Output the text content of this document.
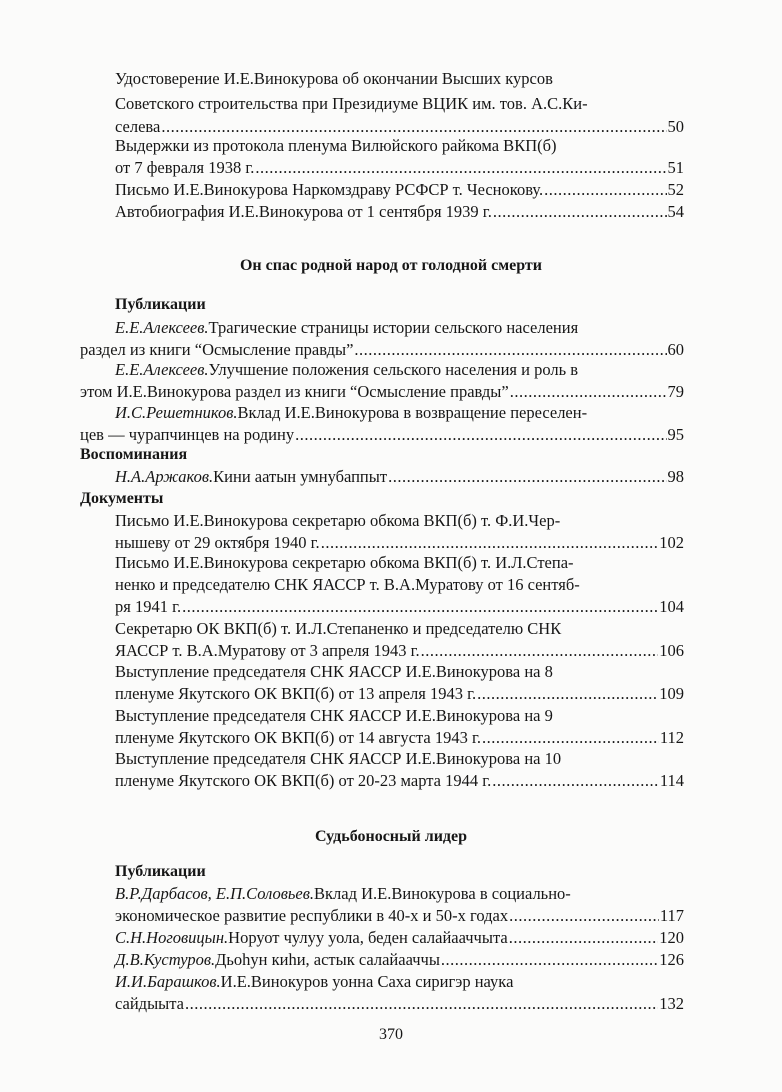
Удостоверение И.Е.Винокурова об окончании Высших курсов
Советского строительства при Президиуме ВЦИК им. тов. А.С.Ки-
селева .....	50
Выдержки из протокола пленума Вилюйского райкома ВКП(б)
от 7 февраля 1938 г. .....	51
Письмо И.Е.Винокурова Наркомздраву РСФСР т. Чеснокову. .....	52
Автобиография И.Е.Винокурова от 1 сентября 1939 г. .....	54
Он спас родной народ от голодной смерти
Публикации
Е.Е.Алексеев. Трагические страницы истории сельского населения
раздел из книги “Осмысление правды” .....	60
Е.Е.Алексеев. Улучшение положения сельского населения и роль в
этом И.Е.Винокурова раздел из книги “Осмысление правды” .....	79
И.С.Решетников. Вклад И.Е.Винокурова в возвращение переселен-
цев — чурапчинцев на родину .....	95
Воспоминания
Н.А.Аржаков. Кини аатын умнубаппыт .....	98
Документы
Письмо И.Е.Винокурова секретарю обкома ВКП(б) т. Ф.И.Чер-
нышеву от 29 октября 1940 г. .....	102
Письмо И.Е.Винокурова секретарю обкома ВКП(б) т. И.Л.Степа-
ненко и председателю СНК ЯАССР т. В.А.Муратову от 16 сентяб-
ря 1941 г. .....	104
Секретарю ОК ВКП(б) т. И.Л.Степаненко и председателю СНК
ЯАССР т. В.А.Муратову от 3 апреля 1943 г. .....	106
Выступление председателя СНК ЯАССР И.Е.Винокурова на 8
пленуме Якутского ОК ВКП(б) от 13 апреля 1943 г. .....	109
Выступление председателя СНК ЯАССР И.Е.Винокурова на 9
пленуме Якутского ОК ВКП(б) от 14 августа 1943 г. .....	112
Выступление председателя СНК ЯАССР И.Е.Винокурова на 10
пленуме Якутского ОК ВКП(б) от 20-23 марта 1944 г. .....	114
Судьбоносный лидер
Публикации
В.Р.Дарбасов, Е.П.Соловьев. Вклад И.Е.Винокурова в социально-
экономическое развитие республики в 40-х и 50-х годах .....	117
С.Н.Ноговицын. Норуот чулуу уола, беден салайааччыта .....	120
Д.В.Кустуров. Дьоhун киhи, астык салайааччы .....	126
И.И.Барашков. И.Е.Винокуров уонна Саха сиригэр наука
сайдыыта .....	132
370
